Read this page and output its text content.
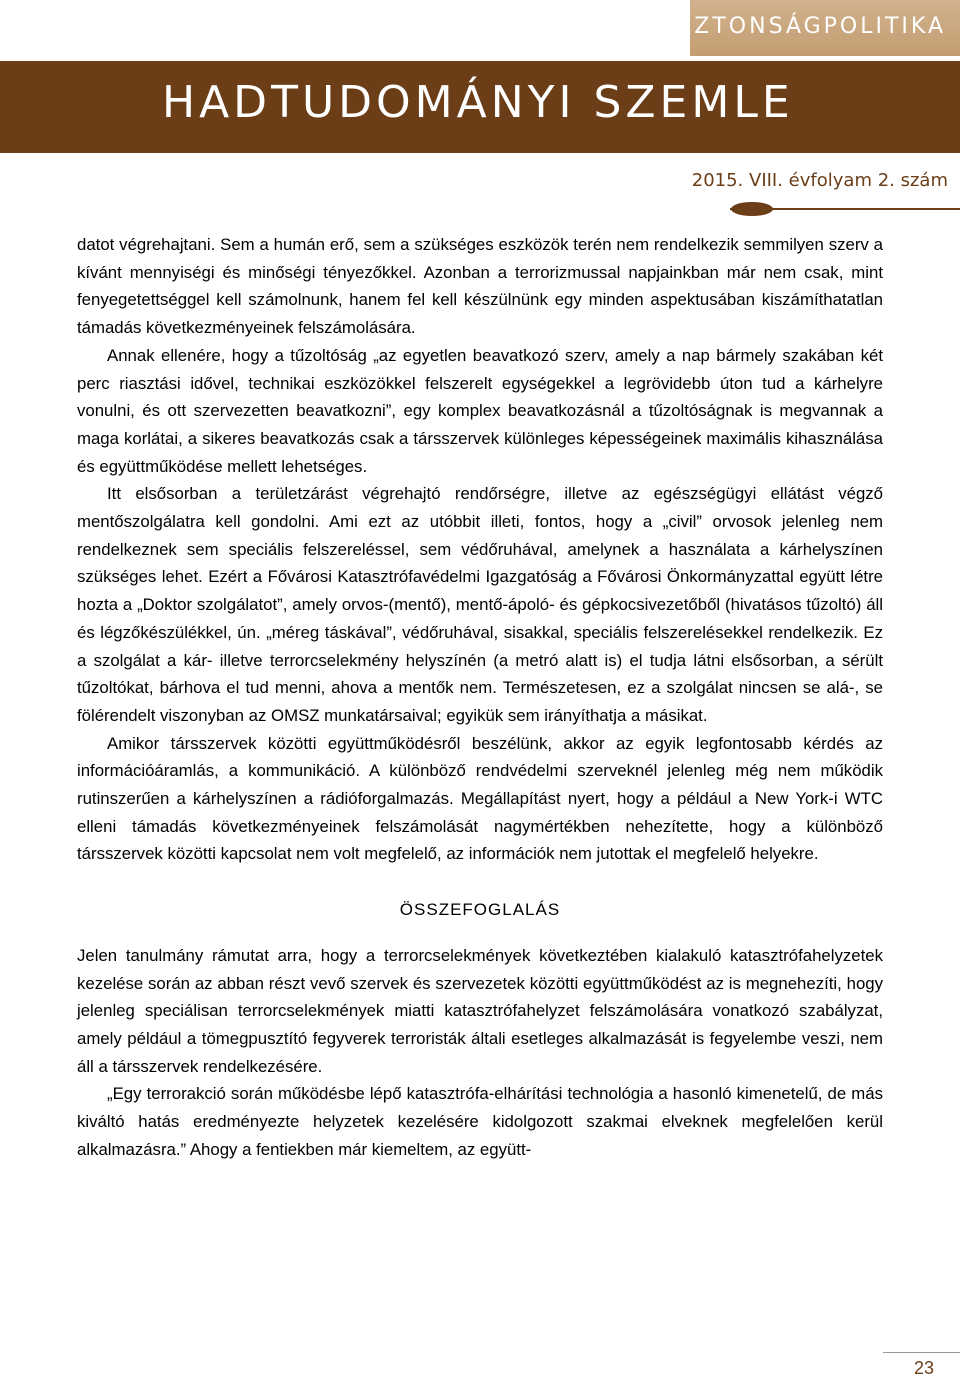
BIZTONSÁGPOLITIKA
HADTUDOMÁNYI SZEMLE
2015. VIII. évfolyam 2. szám

datot végrehajtani. Sem a humán erő, sem a szükséges eszközök terén nem rendelkezik semmilyen szerv a kívánt mennyiségi és minőségi tényezőkkel. Azonban a terrorizmussal napjainkban már nem csak, mint fenyegetettséggel kell számolnunk, hanem fel kell készülnünk egy minden aspektusában kiszámíthatatlan támadás következményeinek felszámolására.

Annak ellenére, hogy a tűzoltóság „az egyetlen beavatkozó szerv, amely a nap bármely szakában két perc riasztási idővel, technikai eszközökkel felszerelt egységekkel a legrövidebb úton tud a kárhelyre vonulni, és ott szervezetten beavatkozni”, egy komplex beavatkozásnál a tűzoltóságnak is megvannak a maga korlátai, a sikeres beavatkozás csak a társszervek különleges képességeinek maximális kihasználása és együttműködése mellett lehetséges.

Itt elsősorban a területzárást végrehajtó rendőrségre, illetve az egészségügyi ellátást végző mentőszolgálatra kell gondolni. Ami ezt az utóbbit illeti, fontos, hogy a „civil” orvosok jelenleg nem rendelkeznek sem speciális felszereléssel, sem védőruhával, amelynek a használata a kárhelyszínen szükséges lehet. Ezért a Fővárosi Katasztrófavédelmi Igazgatóság a Fővárosi Önkormányzattal együtt létre hozta a „Doktor szolgálatot”, amely orvos-(mentő), mentő-ápoló- és gépkocsivezetőből (hivatásos tűzoltó) áll és légzőkészülékkel, ún. „méreg táskával”, védőruhával, sisakkal, speciális felszerelésekkel rendelkezik. Ez a szolgálat a kár- illetve terrorcselekmény helyszínén (a metró alatt is) el tudja látni elsősorban, a sérült tűzoltókat, bárhova el tud menni, ahova a mentők nem. Természetesen, ez a szolgálat nincsen se alá-, se fölérendelt viszonyban az OMSZ munkatársaival; egyikük sem irányíthatja a másikat.

Amikor társszervek közötti együttműködésről beszélünk, akkor az egyik legfontosabb kérdés az információáramlás, a kommunikáció. A különböző rendvédelmi szerveknél jelenleg még nem működik rutinszerűen a kárhelyszínen a rádióforgalmazás. Megállapítást nyert, hogy a például a New York-i WTC elleni támadás következményeinek felszámolását nagymértékben nehezítette, hogy a különböző társszervek közötti kapcsolat nem volt megfelelő, az információk nem jutottak el megfelelő helyekre.

ÖSSZEFOGLALÁS

Jelen tanulmány rámutat arra, hogy a terrorcselekmények következtében kialakuló katasztrófahelyzetek kezelése során az abban részt vevő szervek és szervezetek közötti együttműködést az is megnehezíti, hogy jelenleg speciálisan terrorcselekmények miatti katasztrófahelyzet felszámolására vonatkozó szabályzat, amely például a tömegpusztító fegyverek terroristák általi esetleges alkalmazását is fegyelembe veszi, nem áll a társszervek rendelkezésére.

„Egy terrorakció során működésbe lépő katasztrófa-elhárítási technológia a hasonló kimenetelű, de más kiváltó hatás eredményezte helyzetek kezelésére kidolgozott szakmai elveknek megfelelően kerül alkalmazásra.” Ahogy a fentiekben már kiemeltem, az együtt-

23
